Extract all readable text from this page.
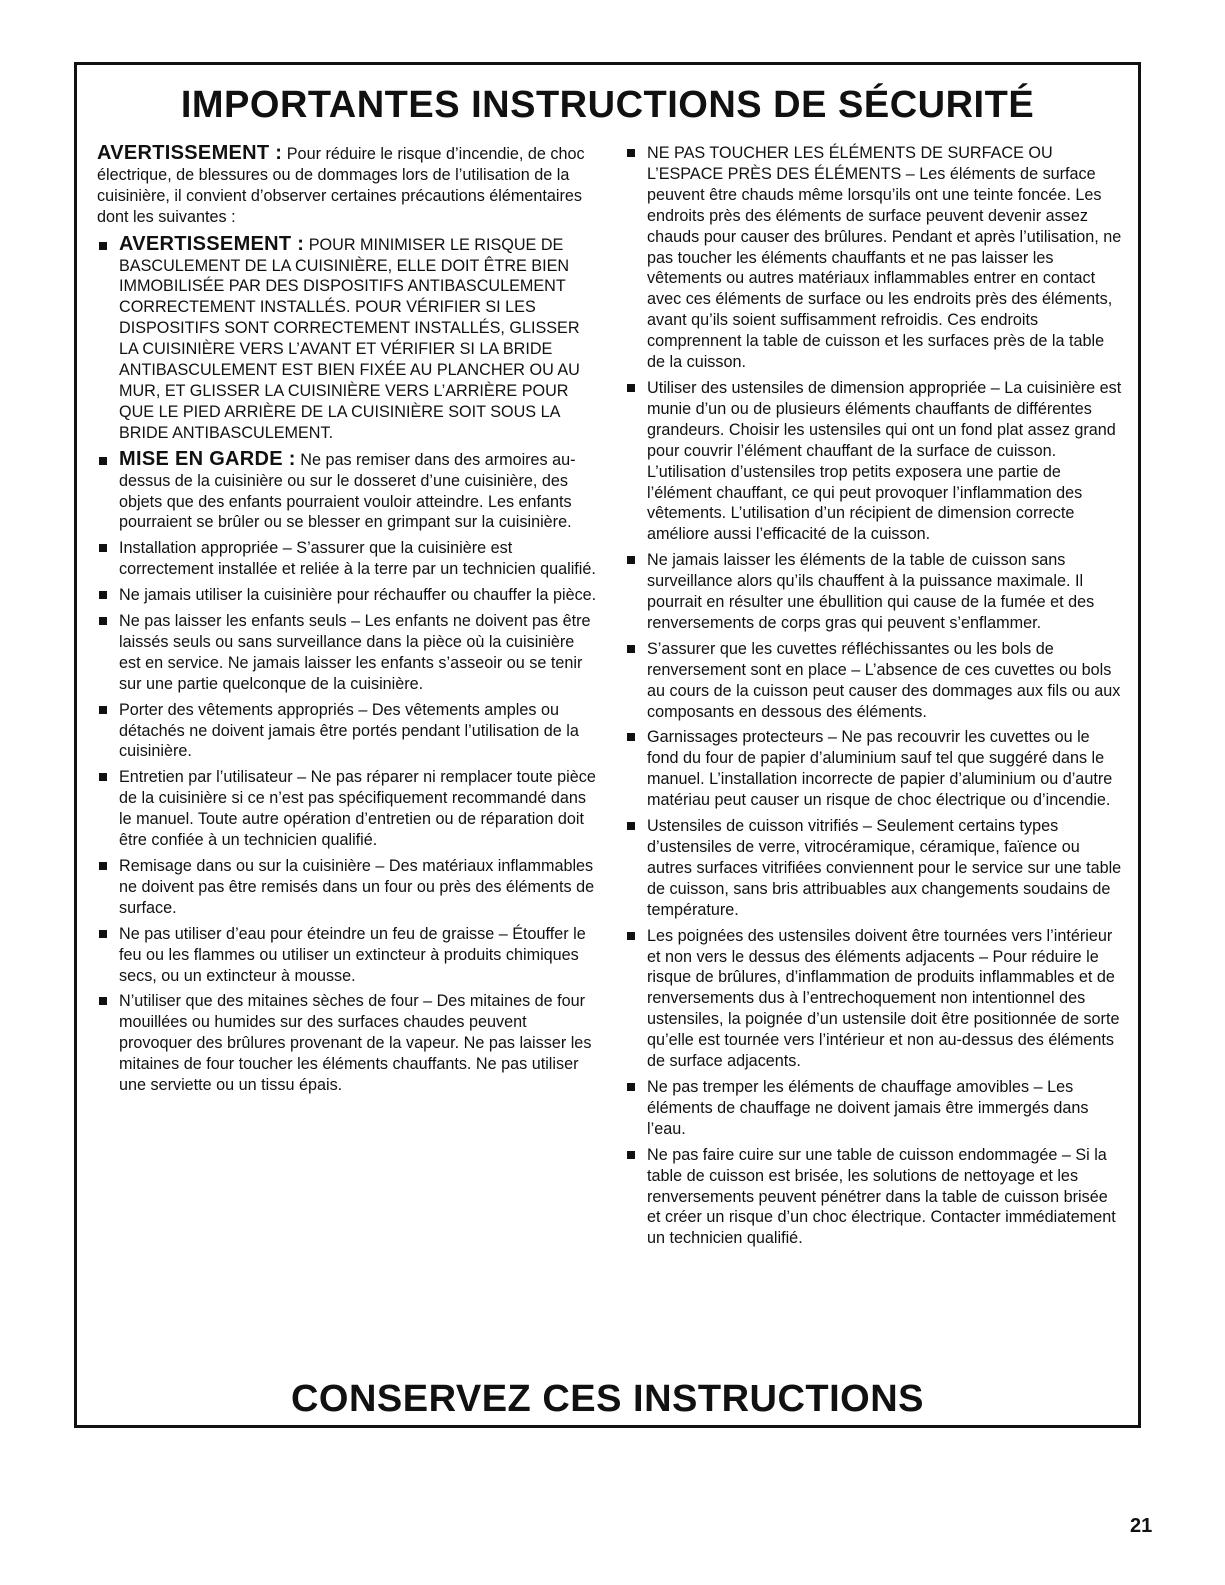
IMPORTANTES INSTRUCTIONS DE SÉCURITÉ

AVERTISSEMENT : Pour réduire le risque d’incendie, de choc électrique, de blessures ou de dommages lors de l’utilisation de la cuisinière, il convient d’observer certaines précautions élémentaires dont les suivantes :

AVERTISSEMENT : POUR MINIMISER LE RISQUE DE BASCULEMENT DE LA CUISINIÈRE, ELLE DOIT ÊTRE BIEN IMMOBILISÉE PAR DES DISPOSITIFS ANTIBASCULEMENT CORRECTEMENT INSTALLÉS. POUR VÉRIFIER SI LES DISPOSITIFS SONT CORRECTEMENT INSTALLÉS, GLISSER LA CUISINIÈRE VERS L’AVANT ET VÉRIFIER SI LA BRIDE ANTIBASCULEMENT EST BIEN FIXÉE AU PLANCHER OU AU MUR, ET GLISSER LA CUISINIÈRE VERS L’ARRIÈRE POUR QUE LE PIED ARRIÈRE DE LA CUISINIÈRE SOIT SOUS LA BRIDE ANTIBASCULEMENT.
MISE EN GARDE : Ne pas remiser dans des armoires au-dessus de la cuisinière ou sur le dosseret d’une cuisinière, des objets que des enfants pourraient vouloir atteindre. Les enfants pourraient se brûler ou se blesser en grimpant sur la cuisinière.
Installation appropriée – S’assurer que la cuisinière est correctement installée et reliée à la terre par un technicien qualifié.
Ne jamais utiliser la cuisinière pour réchauffer ou chauffer la pièce.
Ne pas laisser les enfants seuls – Les enfants ne doivent pas être laissés seuls ou sans surveillance dans la pièce où la cuisinière est en service. Ne jamais laisser les enfants s’asseoir ou se tenir sur une partie quelconque de la cuisinière.
Porter des vêtements appropriés – Des vêtements amples ou détachés ne doivent jamais être portés pendant l’utilisation de la cuisinière.
Entretien par l’utilisateur – Ne pas réparer ni remplacer toute pièce de la cuisinière si ce n’est pas spécifiquement recommandé dans le manuel. Toute autre opération d’entretien ou de réparation doit être confiée à un technicien qualifié.
Remisage dans ou sur la cuisinière – Des matériaux inflammables ne doivent pas être remisés dans un four ou près des éléments de surface.
Ne pas utiliser d’eau pour éteindre un feu de graisse – Étouffer le feu ou les flammes ou utiliser un extincteur à produits chimiques secs, ou un extincteur à mousse.
N’utiliser que des mitaines sèches de four – Des mitaines de four mouillées ou humides sur des surfaces chaudes peuvent provoquer des brûlures provenant de la vapeur. Ne pas laisser les mitaines de four toucher les éléments chauffants. Ne pas utiliser une serviette ou un tissu épais.
NE PAS TOUCHER LES ÉLÉMENTS DE SURFACE OU L’ESPACE PRÈS DES ÉLÉMENTS – Les éléments de surface peuvent être chauds même lorsqu’ils ont une teinte foncée. Les endroits près des éléments de surface peuvent devenir assez chauds pour causer des brûlures. Pendant et après l’utilisation, ne pas toucher les éléments chauffants et ne pas laisser les vêtements ou autres matériaux inflammables entrer en contact avec ces éléments de surface ou les endroits près des éléments, avant qu’ils soient suffisamment refroidis. Ces endroits comprennent la table de cuisson et les surfaces près de la table de la cuisson.
Utiliser des ustensiles de dimension appropriée – La cuisinière est munie d’un ou de plusieurs éléments chauffants de différentes grandeurs. Choisir les ustensiles qui ont un fond plat assez grand pour couvrir l’élément chauffant de la surface de cuisson. L’utilisation d’ustensiles trop petits exposera une partie de l’élément chauffant, ce qui peut provoquer l’inflammation des vêtements. L’utilisation d’un récipient de dimension correcte améliore aussi l’efficacité de la cuisson.
Ne jamais laisser les éléments de la table de cuisson sans surveillance alors qu’ils chauffent à la puissance maximale. Il pourrait en résulter une ébullition qui cause de la fumée et des renversements de corps gras qui peuvent s’enflammer.
S’assurer que les cuvettes réfléchissantes ou les bols de renversement sont en place – L’absence de ces cuvettes ou bols au cours de la cuisson peut causer des dommages aux fils ou aux composants en dessous des éléments.
Garnissages protecteurs – Ne pas recouvrir les cuvettes ou le fond du four de papier d’aluminium sauf tel que suggéré dans le manuel. L’installation incorrecte de papier d’aluminium ou d’autre matériau peut causer un risque de choc électrique ou d’incendie.
Ustensiles de cuisson vitrifiés – Seulement certains types d’ustensiles de verre, vitrocéramique, céramique, faïence ou autres surfaces vitrifiées conviennent pour le service sur une table de cuisson, sans bris attribuables aux changements soudains de température.
Les poignées des ustensiles doivent être tournées vers l’intérieur et non vers le dessus des éléments adjacents – Pour réduire le risque de brûlures, d’inflammation de produits inflammables et de renversements dus à l’entrechoquement non intentionnel des ustensiles, la poignée d’un ustensile doit être positionnée de sorte qu’elle est tournée vers l’intérieur et non au-dessus des éléments de surface adjacents.
Ne pas tremper les éléments de chauffage amovibles – Les éléments de chauffage ne doivent jamais être immergés dans l’eau.
Ne pas faire cuire sur une table de cuisson endommagée – Si la table de cuisson est brisée, les solutions de nettoyage et les renversements peuvent pénétrer dans la table de cuisson brisée et créer un risque d’un choc électrique. Contacter immédiatement un technicien qualifié.
CONSERVEZ CES INSTRUCTIONS
21
